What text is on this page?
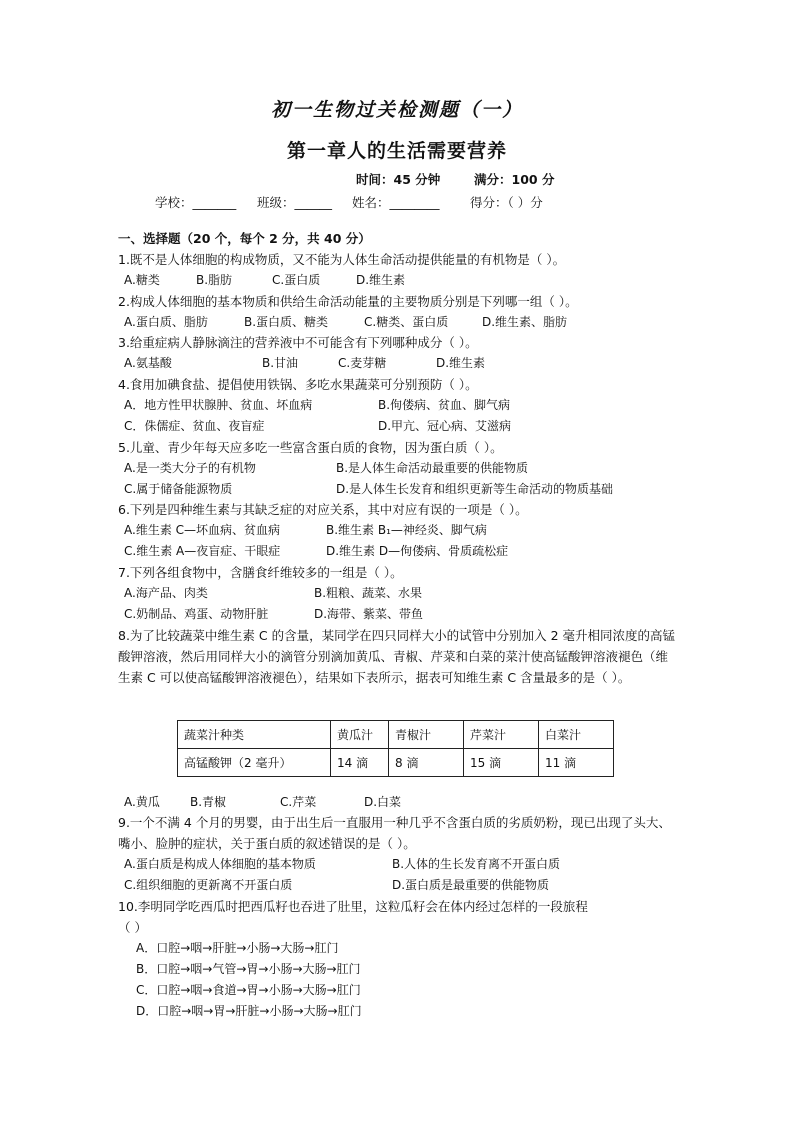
初一生物过关检测题（一）
第一章人的生活需要营养
时间：45 分钟	满分：100 分
学校：_______ 班级：______ 姓名：________ 得分：（ ）分
一、选择题（20 个，每个 2 分，共 40 分）
1.既不是人体细胞的构成物质，又不能为人体生命活动提供能量的有机物是（ ）。
A.糖类	B.脂肪	C.蛋白质	D.维生素
2.构成人体细胞的基本物质和供给生命活动能量的主要物质分别是下列哪一组（ ）。
A.蛋白质、脂肪	B.蛋白质、糖类	C.糖类、蛋白质	D.维生素、脂肪
3.给重症病人静脉滴注的营养液中不可能含有下列哪种成分（ ）。
A.氨基酸	B.甘油	C.麦芽糖	D.维生素
4.食用加碘食盐、提倡使用铁锅、多吃水果蔬菜可分别预防（ ）。
A．地方性甲状腺肿、贫血、坏血病	B.佝偻病、贫血、脚气病
C．侏儒症、贫血、夜盲症	D.甲亢、冠心病、艾滋病
5.儿童、青少年每天应多吃一些富含蛋白质的食物，因为蛋白质（ ）。
A.是一类大分子的有机物	B.是人体生命活动最重要的供能物质
C.属于储备能源物质	D.是人体生长发育和组织更新等生命活动的物质基础
6.下列是四种维生素与其缺乏症的对应关系，其中对应有误的一项是（ ）。
A.维生素 C—坏血病、贫血病	B.维生素 B₁—神经炎、脚气病
C.维生素 A—夜盲症、干眼症	D.维生素 D—佝偻病、骨质疏松症
7.下列各组食物中，含膳食纤维较多的一组是（ ）。
A.海产品、肉类	B.粗粮、蔬菜、水果
C.奶制品、鸡蛋、动物肝脏	D.海带、紫菜、带鱼
8.为了比较蔬菜中维生素 C 的含量，某同学在四只同样大小的试管中分别加入 2 毫升相同浓度的高锰酸钾溶液，然后用同样大小的滴管分别滴加黄瓜、青椒、芹菜和白菜的菜汁使高锰酸钾溶液褪色（维生素 C 可以使高锰酸钾溶液褪色），结果如下表所示，据表可知维生素 C 含量最多的是（ ）。
蔬菜汁种类	黄瓜汁	青椒汁	芹菜汁	白菜汁
高锰酸钾（2 毫升）	14 滴	8 滴	15 滴	11 滴
A.黄瓜	B.青椒	C.芹菜	D.白菜
9.一个不满 4 个月的男婴，由于出生后一直服用一种几乎不含蛋白质的劣质奶粉，现已出现了头大、嘴小、脸肿的症状，关于蛋白质的叙述错误的是（ ）。
A.蛋白质是构成人体细胞的基本物质	B.人体的生长发育离不开蛋白质
C.组织细胞的更新离不开蛋白质	D.蛋白质是最重要的供能物质
10.李明同学吃西瓜时把西瓜籽也吞进了肚里，这粒瓜籽会在体内经过怎样的一段旅程
（ ）
A．口腔→咽→肝脏→小肠→大肠→肛门
B．口腔→咽→气管→胃→小肠→大肠→肛门
C．口腔→咽→食道→胃→小肠→大肠→肛门
D．口腔→咽→胃→肝脏→小肠→大肠→肛门
